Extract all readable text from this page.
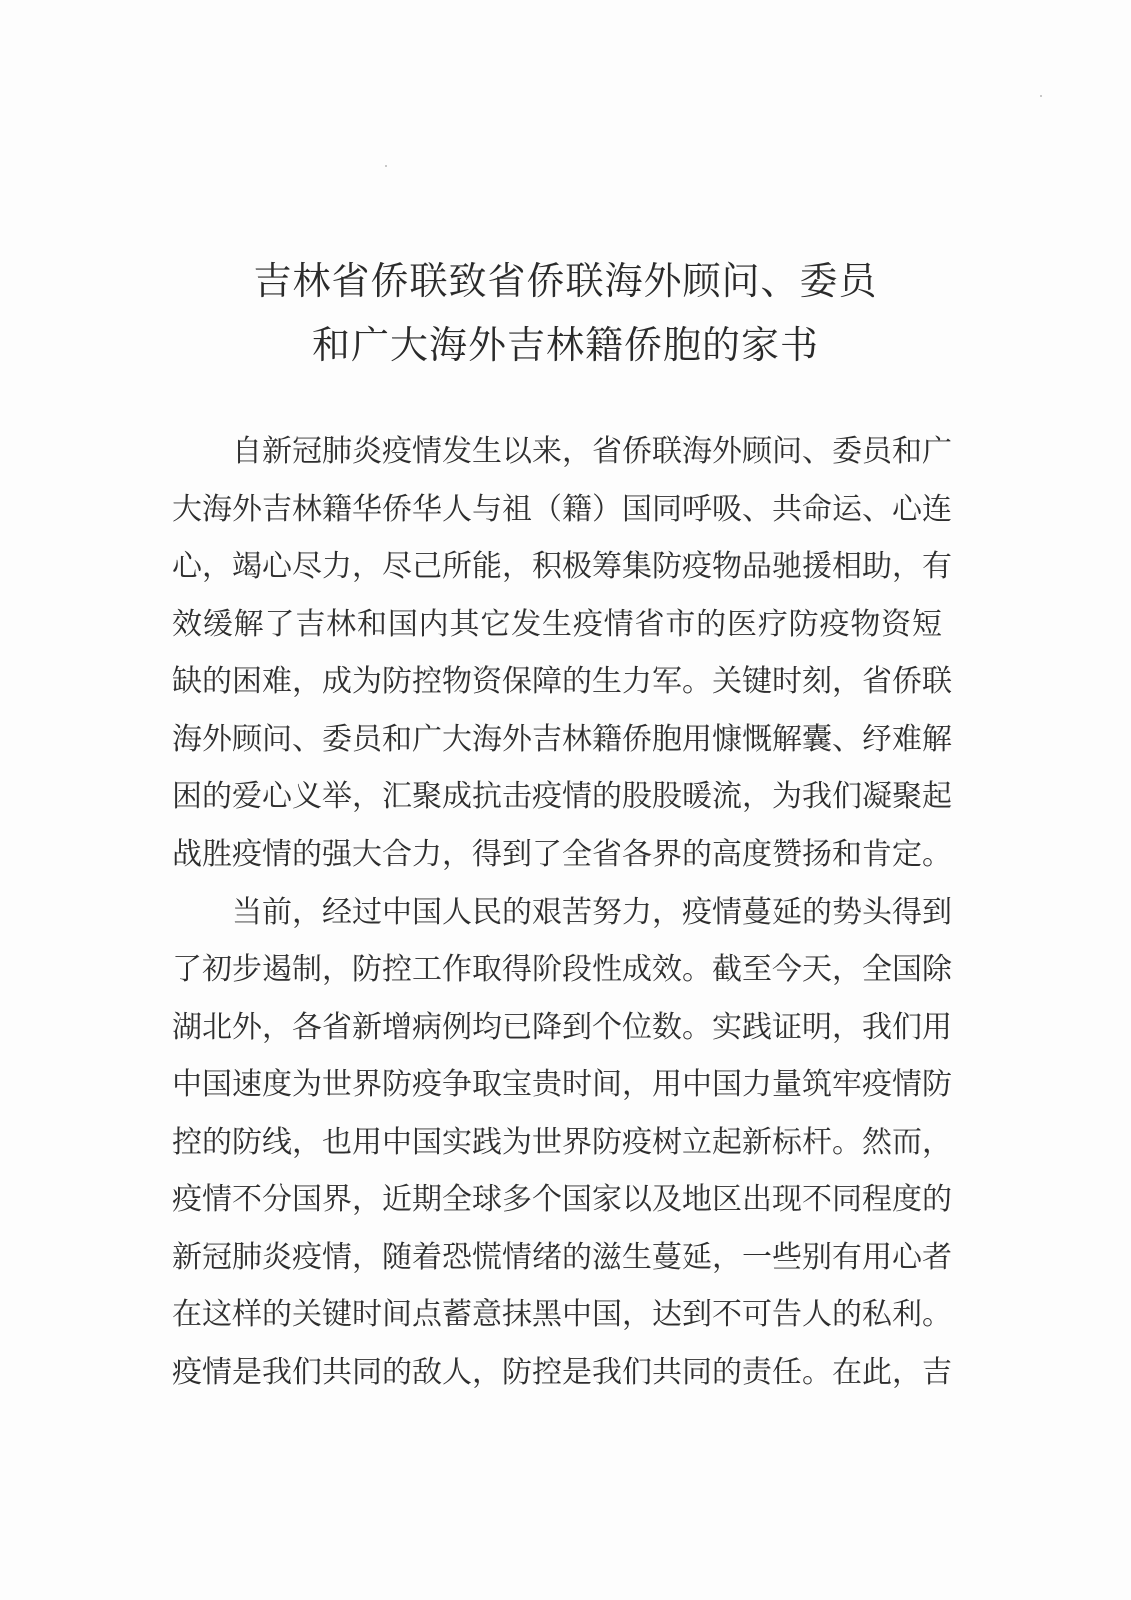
吉林省侨联致省侨联海外顾问、委员
和广大海外吉林籍侨胞的家书
自新冠肺炎疫情发生以来，省侨联海外顾问、委员和广
大海外吉林籍华侨华人与祖（籍）国同呼吸、共命运、心连
心，竭心尽力，尽己所能，积极筹集防疫物品驰援相助，有
效缓解了吉林和国内其它发生疫情省市的医疗防疫物资短
缺的困难，成为防控物资保障的生力军。关键时刻，省侨联
海外顾问、委员和广大海外吉林籍侨胞用慷慨解囊、纾难解
困的爱心义举，汇聚成抗击疫情的股股暖流，为我们凝聚起
战胜疫情的强大合力，得到了全省各界的高度赞扬和肯定。
当前，经过中国人民的艰苦努力，疫情蔓延的势头得到
了初步遏制，防控工作取得阶段性成效。截至今天，全国除
湖北外，各省新增病例均已降到个位数。实践证明，我们用
中国速度为世界防疫争取宝贵时间，用中国力量筑牢疫情防
控的防线，也用中国实践为世界防疫树立起新标杆。然而，
疫情不分国界，近期全球多个国家以及地区出现不同程度的
新冠肺炎疫情，随着恐慌情绪的滋生蔓延，一些别有用心者
在这样的关键时间点蓄意抹黑中国，达到不可告人的私利。
疫情是我们共同的敌人，防控是我们共同的责任。在此，吉
